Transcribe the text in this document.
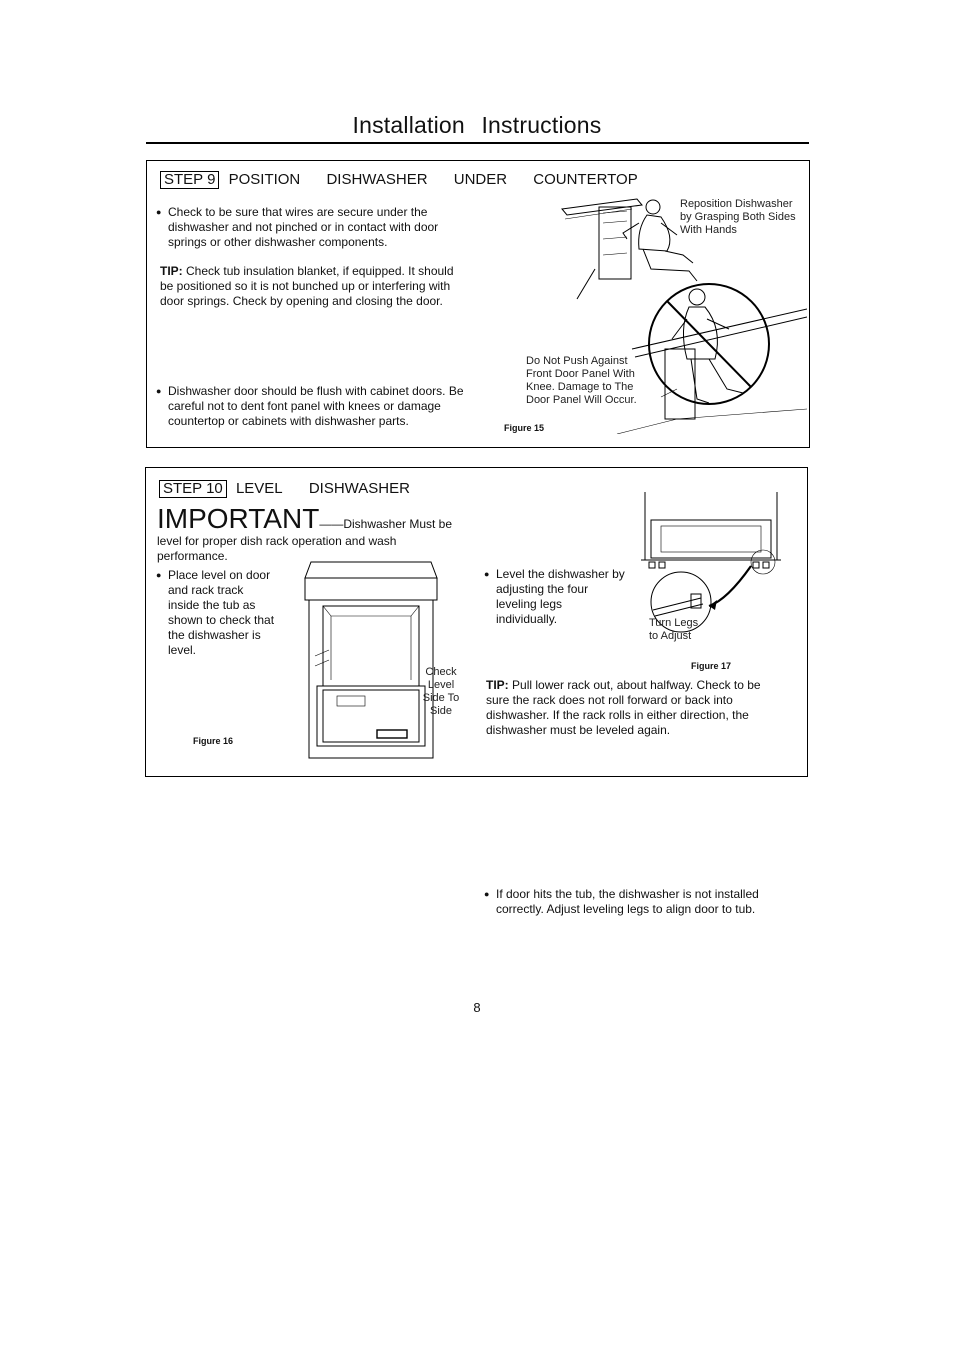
Installation Instructions
STEP 9 POSITION DISHWASHER UNDER COUNTERTOP
● Check to be sure that wires are secure under the dishwasher and not pinched or in contact with door springs or other dishwasher components.
TIP: Check tub insulation blanket, if equipped. It should be positioned so it is not bunched up or interfering with door springs. Check by opening and closing the door.
● Dishwasher door should be flush with cabinet doors. Be careful not to dent font panel with knees or damage countertop or cabinets with dishwasher parts.
Reposition Dishwasher by Grasping Both Sides With Hands
Do Not Push Against Front Door Panel With Knee. Damage to The Door Panel Will Occur.
Figure 15
STEP 10 LEVEL DISHWASHER
IMPORTANT——Dishwasher Must be level for proper dish rack operation and wash performance.
● Place level on door and rack track inside the tub as shown to check that the dishwasher is level.
Figure 16
Check Level Side To Side
● Level the dishwasher by adjusting the four leveling legs individually.	Turn Legs to Adjust
Figure 17
TIP: Pull lower rack out, about halfway. Check to be sure the rack does not roll forward or back into dishwasher. If the rack rolls in either direction, the dishwasher must be leveled again.
● If door hits the tub, the dishwasher is not installed correctly. Adjust leveling legs to align door to tub.
8
